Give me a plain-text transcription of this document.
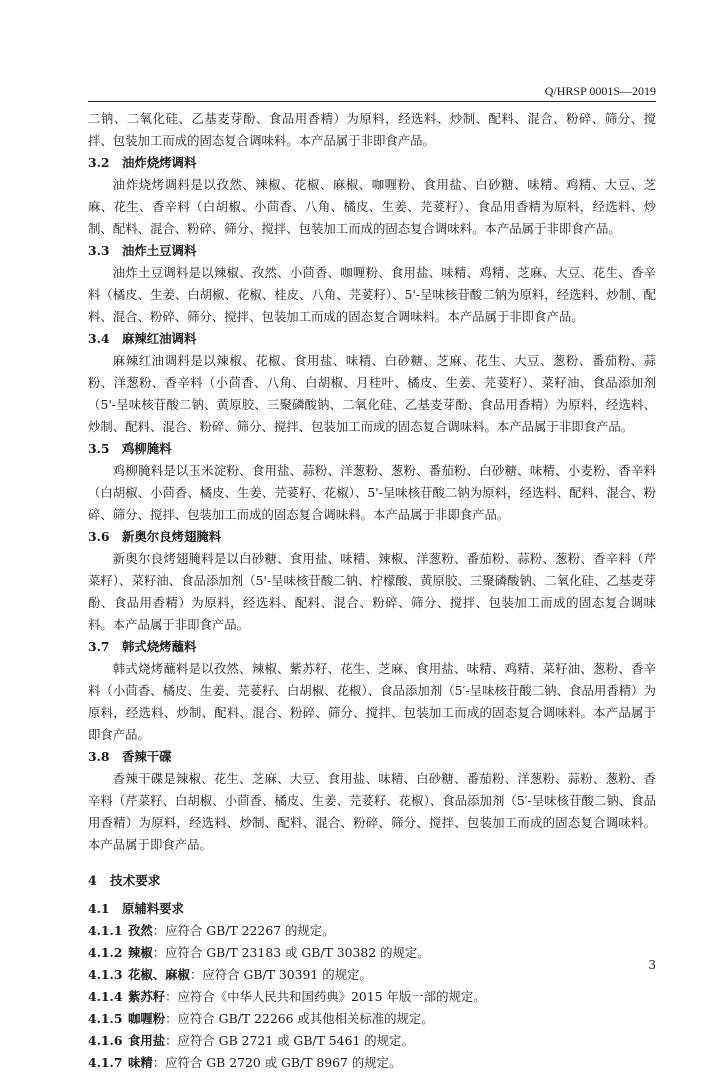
Q/HRSP 0001S—2019

二钠、二氧化硅、乙基麦芽酚、食品用香精）为原料，经选料、炒制、配料、混合、粉碎、筛分、搅拌、包装加工而成的固态复合调味料。本产品属于非即食产品。

3.2 油炸烧烤调料

油炸烧烤调料是以孜然、辣椒、花椒、麻椒、咖喱粉、食用盐、白砂糖、味精、鸡精、大豆、芝麻、花生、香辛料（白胡椒、小茴香、八角、橘皮、生姜、芫荽籽）、食品用香精为原料，经选料、炒制、配料、混合、粉碎、筛分、搅拌、包装加工而成的固态复合调味料。本产品属于非即食产品。

3.3 油炸土豆调料

油炸土豆调料是以辣椒、孜然、小茴香、咖喱粉、食用盐、味精、鸡精、芝麻、大豆、花生、香辛料（橘皮、生姜、白胡椒、花椒、桂皮、八角、芫荽籽）、5'-呈味核苷酸二钠为原料，经选料、炒制、配料、混合、粉碎、筛分、搅拌、包装加工而成的固态复合调味料。本产品属于非即食产品。

3.4 麻辣红油调料

麻辣红油调料是以辣椒、花椒、食用盐、味精、白砂糖、芝麻、花生、大豆、葱粉、番茄粉、蒜粉、洋葱粉、香辛料（小茴香、八角、白胡椒、月桂叶、橘皮、生姜、芫荽籽）、菜籽油、食品添加剂（5'-呈味核苷酸二钠、黄原胶、三聚磷酸钠、二氧化硅、乙基麦芽酚、食品用香精）为原料，经选料、炒制、配料、混合、粉碎、筛分、搅拌、包装加工而成的固态复合调味料。本产品属于非即食产品。

3.5 鸡柳腌料

鸡柳腌料是以玉米淀粉、食用盐、蒜粉、洋葱粉、葱粉、番茄粉、白砂糖、味精、小麦粉、香辛料（白胡椒、小茴香、橘皮、生姜、芫荽籽、花椒）、5'-呈味核苷酸二钠为原料，经选料、配料、混合、粉碎、筛分、搅拌、包装加工而成的固态复合调味料。本产品属于非即食产品。

3.6 新奥尔良烤翅腌料

新奥尔良烤翅腌料是以白砂糖、食用盐、味精、辣椒、洋葱粉、番茄粉、蒜粉、葱粉、香辛料（芹菜籽）、菜籽油、食品添加剂（5'-呈味核苷酸二钠、柠檬酸、黄原胶、三聚磷酸钠、二氧化硅、乙基麦芽酚、食品用香精）为原料，经选料、配料、混合、粉碎、筛分、搅拌、包装加工而成的固态复合调味料。本产品属于非即食产品。

3.7 韩式烧烤蘸料

韩式烧烤蘸料是以孜然、辣椒、紫苏籽、花生、芝麻、食用盐、味精、鸡精、菜籽油、葱粉、香辛料（小茴香、橘皮、生姜、芫荽籽、白胡椒、花椒）、食品添加剂（5′-呈味核苷酸二钠、食品用香精）为原料，经选料、炒制、配料、混合、粉碎、筛分、搅拌、包装加工而成的固态复合调味料。本产品属于即食产品。

3.8 香辣干碟

香辣干碟是辣椒、花生、芝麻、大豆、食用盐、味精、白砂糖、番茄粉、洋葱粉、蒜粉、葱粉、香辛料（芹菜籽、白胡椒、小茴香、橘皮、生姜、芫荽籽、花椒）、食品添加剂（5′-呈味核苷酸二钠、食品用香精）为原料，经选料、炒制、配料、混合、粉碎、筛分、搅拌、包装加工而成的固态复合调味料。本产品属于即食产品。

4 技术要求
4.1 原辅料要求
4.1.1 孜然：应符合 GB/T 22267 的规定。
4.1.2 辣椒：应符合 GB/T 23183 或 GB/T 30382 的规定。
4.1.3 花椒、麻椒：应符合 GB/T 30391 的规定。
4.1.4 紫苏籽：应符合《中华人民共和国药典》2015 年版一部的规定。
4.1.5 咖喱粉：应符合 GB/T 22266 或其他相关标准的规定。
4.1.6 食用盐：应符合 GB 2721 或 GB/T 5461 的规定。
4.1.7 味精：应符合 GB 2720 或 GB/T 8967 的规定。
3
